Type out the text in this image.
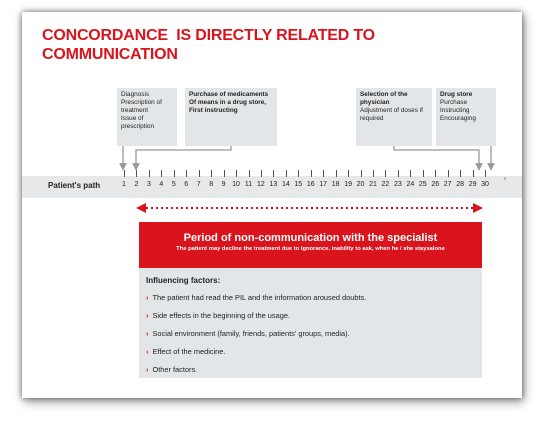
CONCORDANCE  IS DIRECTLY RELATED TO
COMMUNICATION
Diagnosis
Prescription of
treatment
Issue of
prescription
Purchase of medicaments
Of means in a drug store,
First instructing
Selection of the
physician
Adjustment of doses if
required
Drug store
Purchase
Instructing
Encouraging
Patient's path	1	2	3	4	5	6	7	8	9 10 11 12 13 14 15 16 17 18 19 20 21 22 23 24 25 26 27 28 29 30	°
Period of non-communication with the specialist
The patient may decline the treatment due to ignorance, inability to ask, when he / she staysalone
Influencing factors:
› The patient had read the PIL and the information aroused doubts.
› Side effects in the beginning of the usage.
› Social environment (family, friends, patients' groups, media).
› Effect of the medicine.
› Other factors.
